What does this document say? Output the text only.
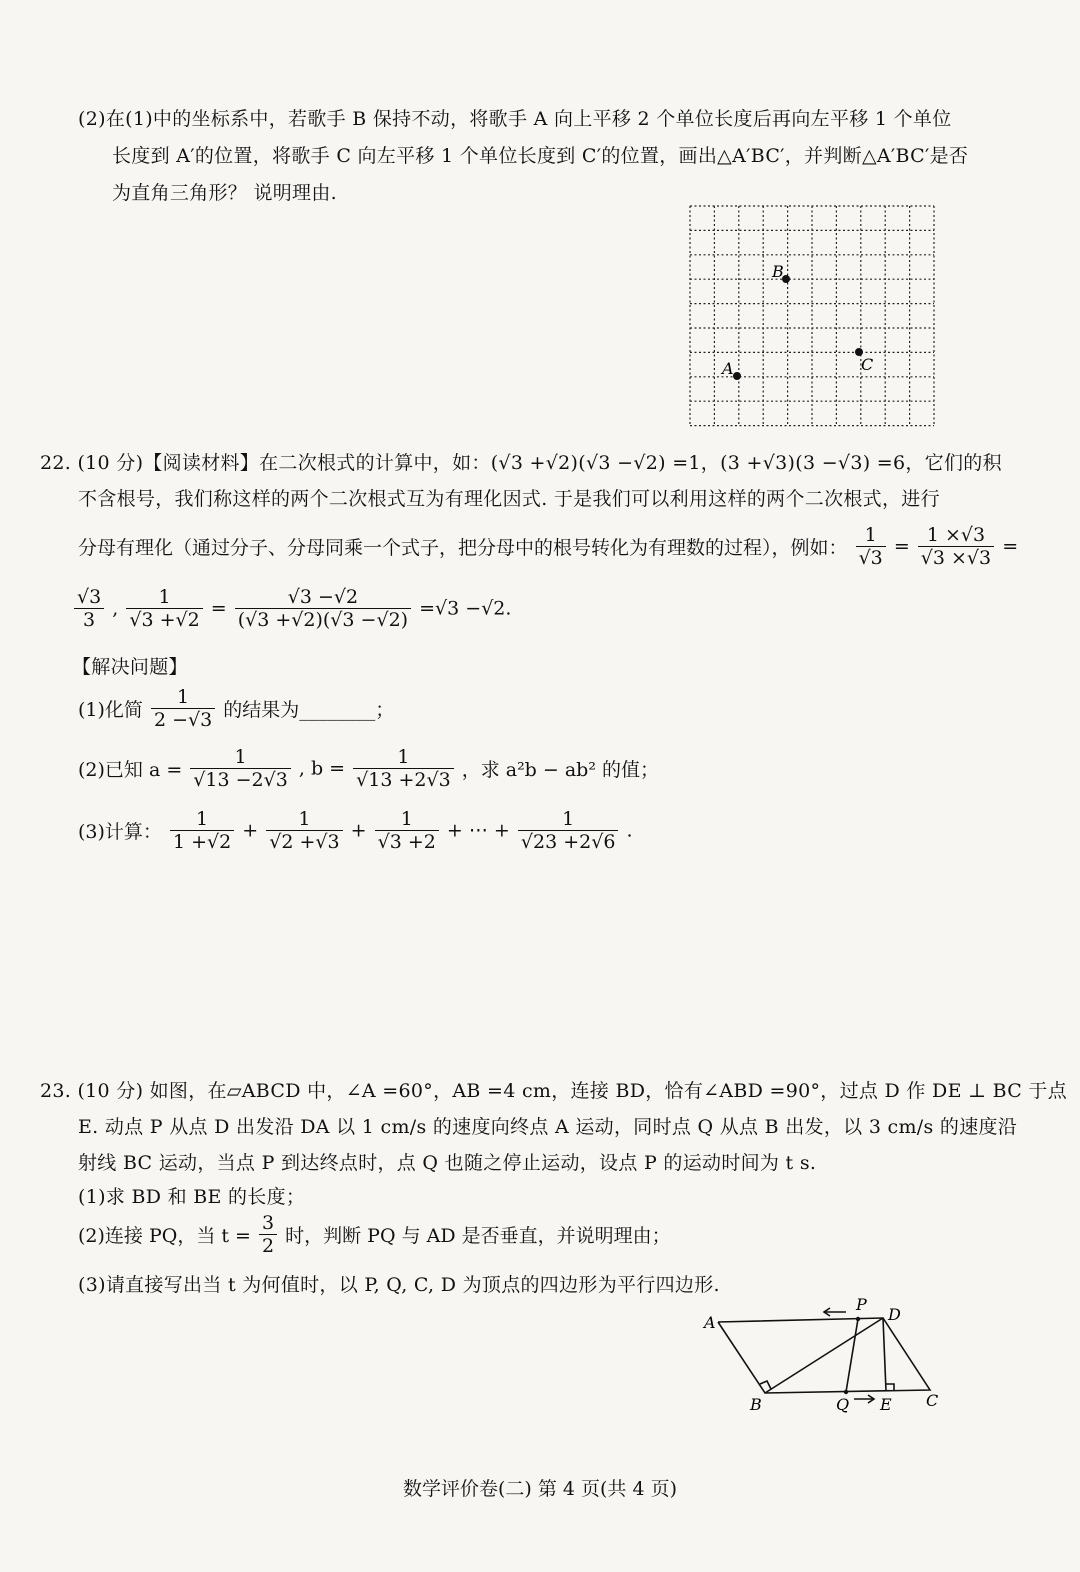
(2)在(1)中的坐标系中，若歌手 B 保持不动，将歌手 A 向上平移 2 个单位长度后再向左平移 1 个单位
长度到 A′的位置，将歌手 C 向左平移 1 个单位长度到 C′的位置，画出△A′BC′，并判断△A′BC′是否
为直角三角形？ 说明理由.
B
C
A
22. (10 分)【阅读材料】在二次根式的计算中，如：(√3 +√2)(√3 −√2) =1，(3 +√3)(3 −√3) =6，它们的积
不含根号，我们称这样的两个二次根式互为有理化因式. 于是我们可以利用这样的两个二次根式，进行
分母有理化（通过分子、分母同乘一个式子，把分母中的根号转化为有理数的过程），例如： $\frac{1}{√3} = \frac{1 \times√3}{√3 \times√3}$ =
$\frac{√3}{3}$ , $\frac{1}{√3 +√2} = \frac{√3 -√2}{(√3 +√2)(√3 -√2)} =√3 -√2$.
【解决问题】
(1)化简 $\frac{1}{2 -√3}$ 的结果为________；
(2)已知 $a = \frac{1}{√13 -2√3}$ , $b = \frac{1}{√13 +2√3}$ ，求 a²b − ab² 的值；
(3)计算： $\frac{1}{1 +√2} + \frac{1}{√2 +√3} + \frac{1}{√3 +2}$ + ⋯ + $\frac{1}{√23 +2√6}$ .
23. (10 分) 如图，在▱ABCD 中，∠A =60°，AB =4 cm，连接 BD，恰有∠ABD =90°，过点 D 作 DE ⊥ BC 于点
E. 动点 P 从点 D 出发沿 DA 以 1 cm/s 的速度向终点 A 运动，同时点 Q 从点 B 出发，以 3 cm/s 的速度沿
射线 BC 运动，当点 P 到达终点时，点 Q 也随之停止运动，设点 P 的运动时间为 t s.
(1)求 BD 和 BE 的长度；
(2)连接 PQ，当 $t = \frac{3}{2}$ 时，判断 PQ 与 AD 是否垂直，并说明理由；
(3)请直接写出当 t 为何值时，以 P, Q, C, D 为顶点的四边形为平行四边形.
A
P
D
B	Q E C
数学评价卷(二) 第 4 页(共 4 页)
